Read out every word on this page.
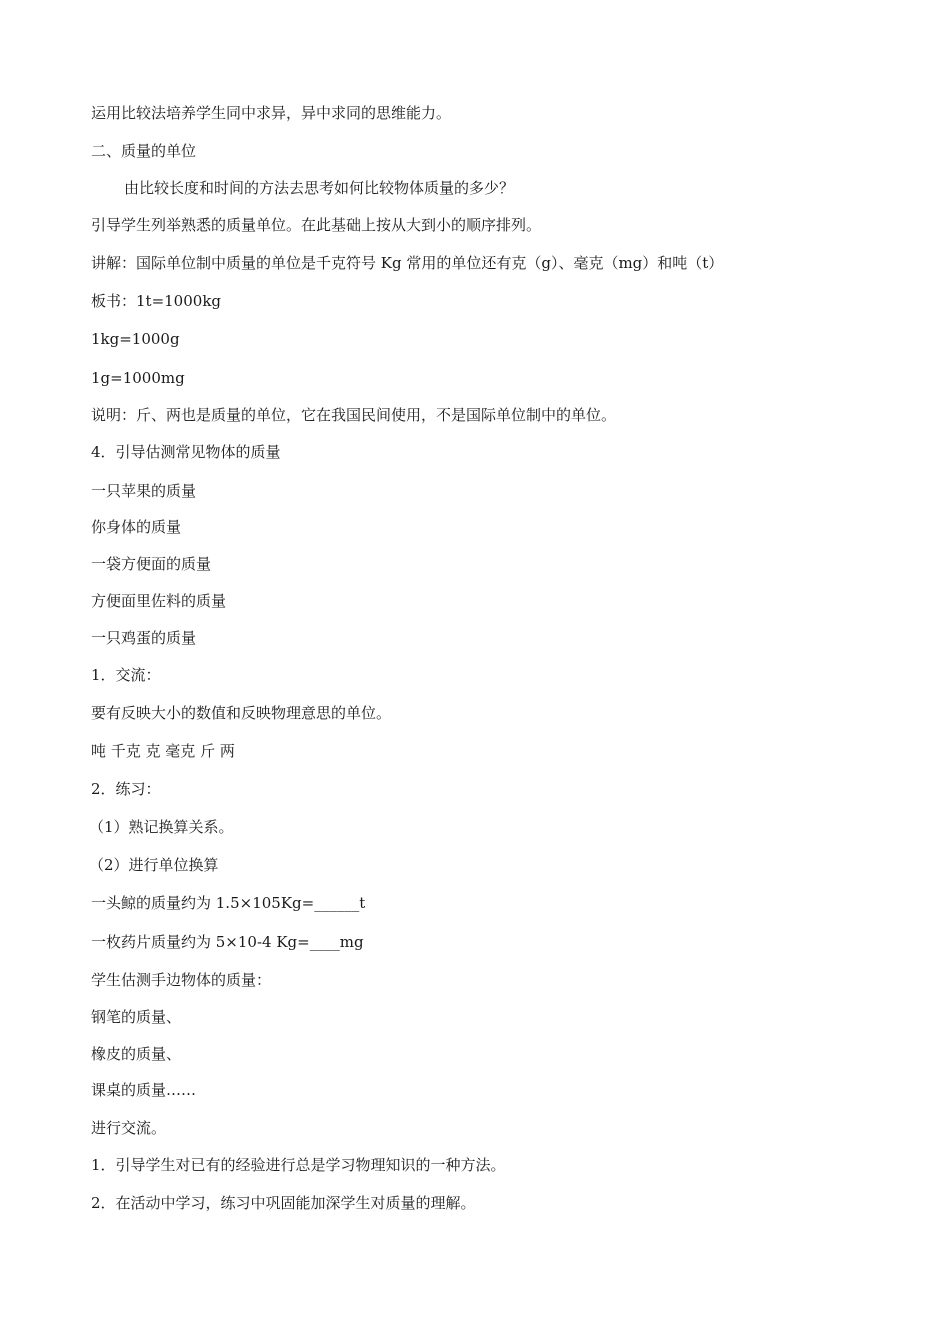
运用比较法培养学生同中求异，异中求同的思维能力。
二、质量的单位
由比较长度和时间的方法去思考如何比较物体质量的多少？
引导学生列举熟悉的质量单位。在此基础上按从大到小的顺序排列。
讲解：国际单位制中质量的单位是千克符号 Kg 常用的单位还有克（g）、毫克（mg）和吨（t）
板书：1t=1000kg
1kg=1000g
1g=1000mg
说明：斤、两也是质量的单位，它在我国民间使用，不是国际单位制中的单位。
4．引导估测常见物体的质量
一只苹果的质量
你身体的质量
一袋方便面的质量
方便面里佐料的质量
一只鸡蛋的质量
1．交流：
要有反映大小的数值和反映物理意思的单位。
吨 千克 克 毫克 斤 两
2．练习：
（1）熟记换算关系。
（2）进行单位换算
一头鲸的质量约为 1.5×105Kg=______t
一枚药片质量约为 5×10-4 Kg=____mg
学生估测手边物体的质量：
钢笔的质量、
橡皮的质量、
课桌的质量……
进行交流。
1．引导学生对已有的经验进行总是学习物理知识的一种方法。
2．在活动中学习，练习中巩固能加深学生对质量的理解。
